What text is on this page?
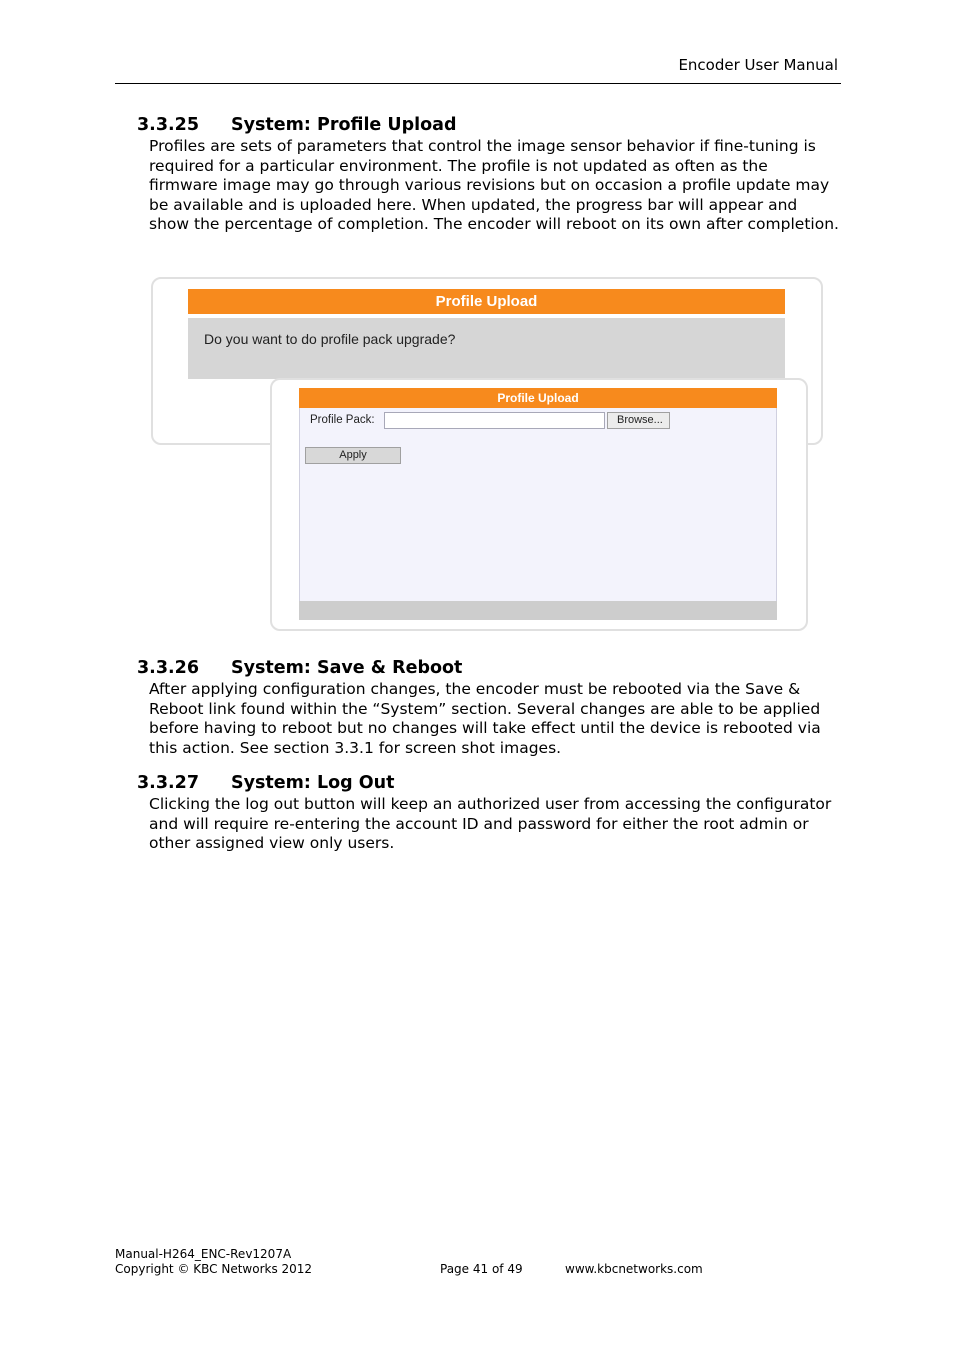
Encoder User Manual
3.3.25 System: Profile Upload
Profiles are sets of parameters that control the image sensor behavior if fine-tuning is required for a particular environment. The profile is not updated as often as the firmware image may go through various revisions but on occasion a profile update may be available and is uploaded here. When updated, the progress bar will appear and show the percentage of completion. The encoder will reboot on its own after completion.
Profile Upload
Do you want to do profile pack upgrade?
Profile Upload
Profile Pack:	Browse...
Apply
3.3.26 System: Save & Reboot
After applying configuration changes, the encoder must be rebooted via the Save & Reboot link found within the “System” section. Several changes are able to be applied before having to reboot but no changes will take effect until the device is rebooted via this action. See section 3.3.1 for screen shot images.
3.3.27 System: Log Out
Clicking the log out button will keep an authorized user from accessing the configurator and will require re-entering the account ID and password for either the root admin or other assigned view only users.
Manual-H264_ENC-Rev1207A
Copyright © KBC Networks 2012	Page 41 of 49	www.kbcnetworks.com
